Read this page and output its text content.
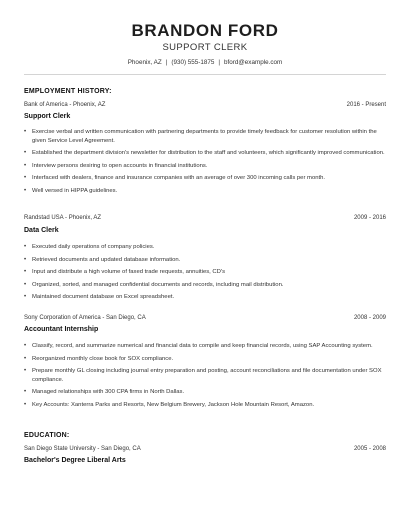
BRANDON FORD
SUPPORT CLERK
Phoenix, AZ | (930) 555-1875 | bford@example.com
EMPLOYMENT HISTORY:
Bank of America - Phoenix, AZ	2016 - Present
Support Clerk
• Exercise verbal and written communication with partnering departments to provide timely feedback for customer resolution within the given Service Level Agreement.
• Established the department division's newsletter for distribution to the staff and volunteers, which significantly improved communication.
• Interview persons desiring to open accounts in financial institutions.
• Interfaced with dealers, finance and insurance companies with an average of over 300 incoming calls per month.
• Well versed in HIPPA guidelines.
Randstad USA - Phoenix, AZ	2009 - 2016
Data Clerk
• Executed daily operations of company policies.
• Retrieved documents and updated database information.
• Input and distribute a high volume of faxed trade requests, annuities, CD's
• Organized, sorted, and managed confidential documents and records, including mail distribution.
• Maintained document database on Excel spreadsheet.
Sony Corporation of America - San Diego, CA	2008 - 2009
Accountant Internship
• Classify, record, and summarize numerical and financial data to compile and keep financial records, using SAP Accounting system.
• Reorganized monthly close book for SOX compliance.
• Prepare monthly GL closing including journal entry preparation and posting, account reconciliations and file documentation under SOX compliance.
• Managed relationships with 300 CPA firms in North Dallas.
• Key Accounts: Xanterra Parks and Resorts, New Belgium Brewery, Jackson Hole Mountain Resort, Amazon.
EDUCATION:
San Diego State University - San Diego, CA	2005 - 2008
Bachelor's Degree Liberal Arts
